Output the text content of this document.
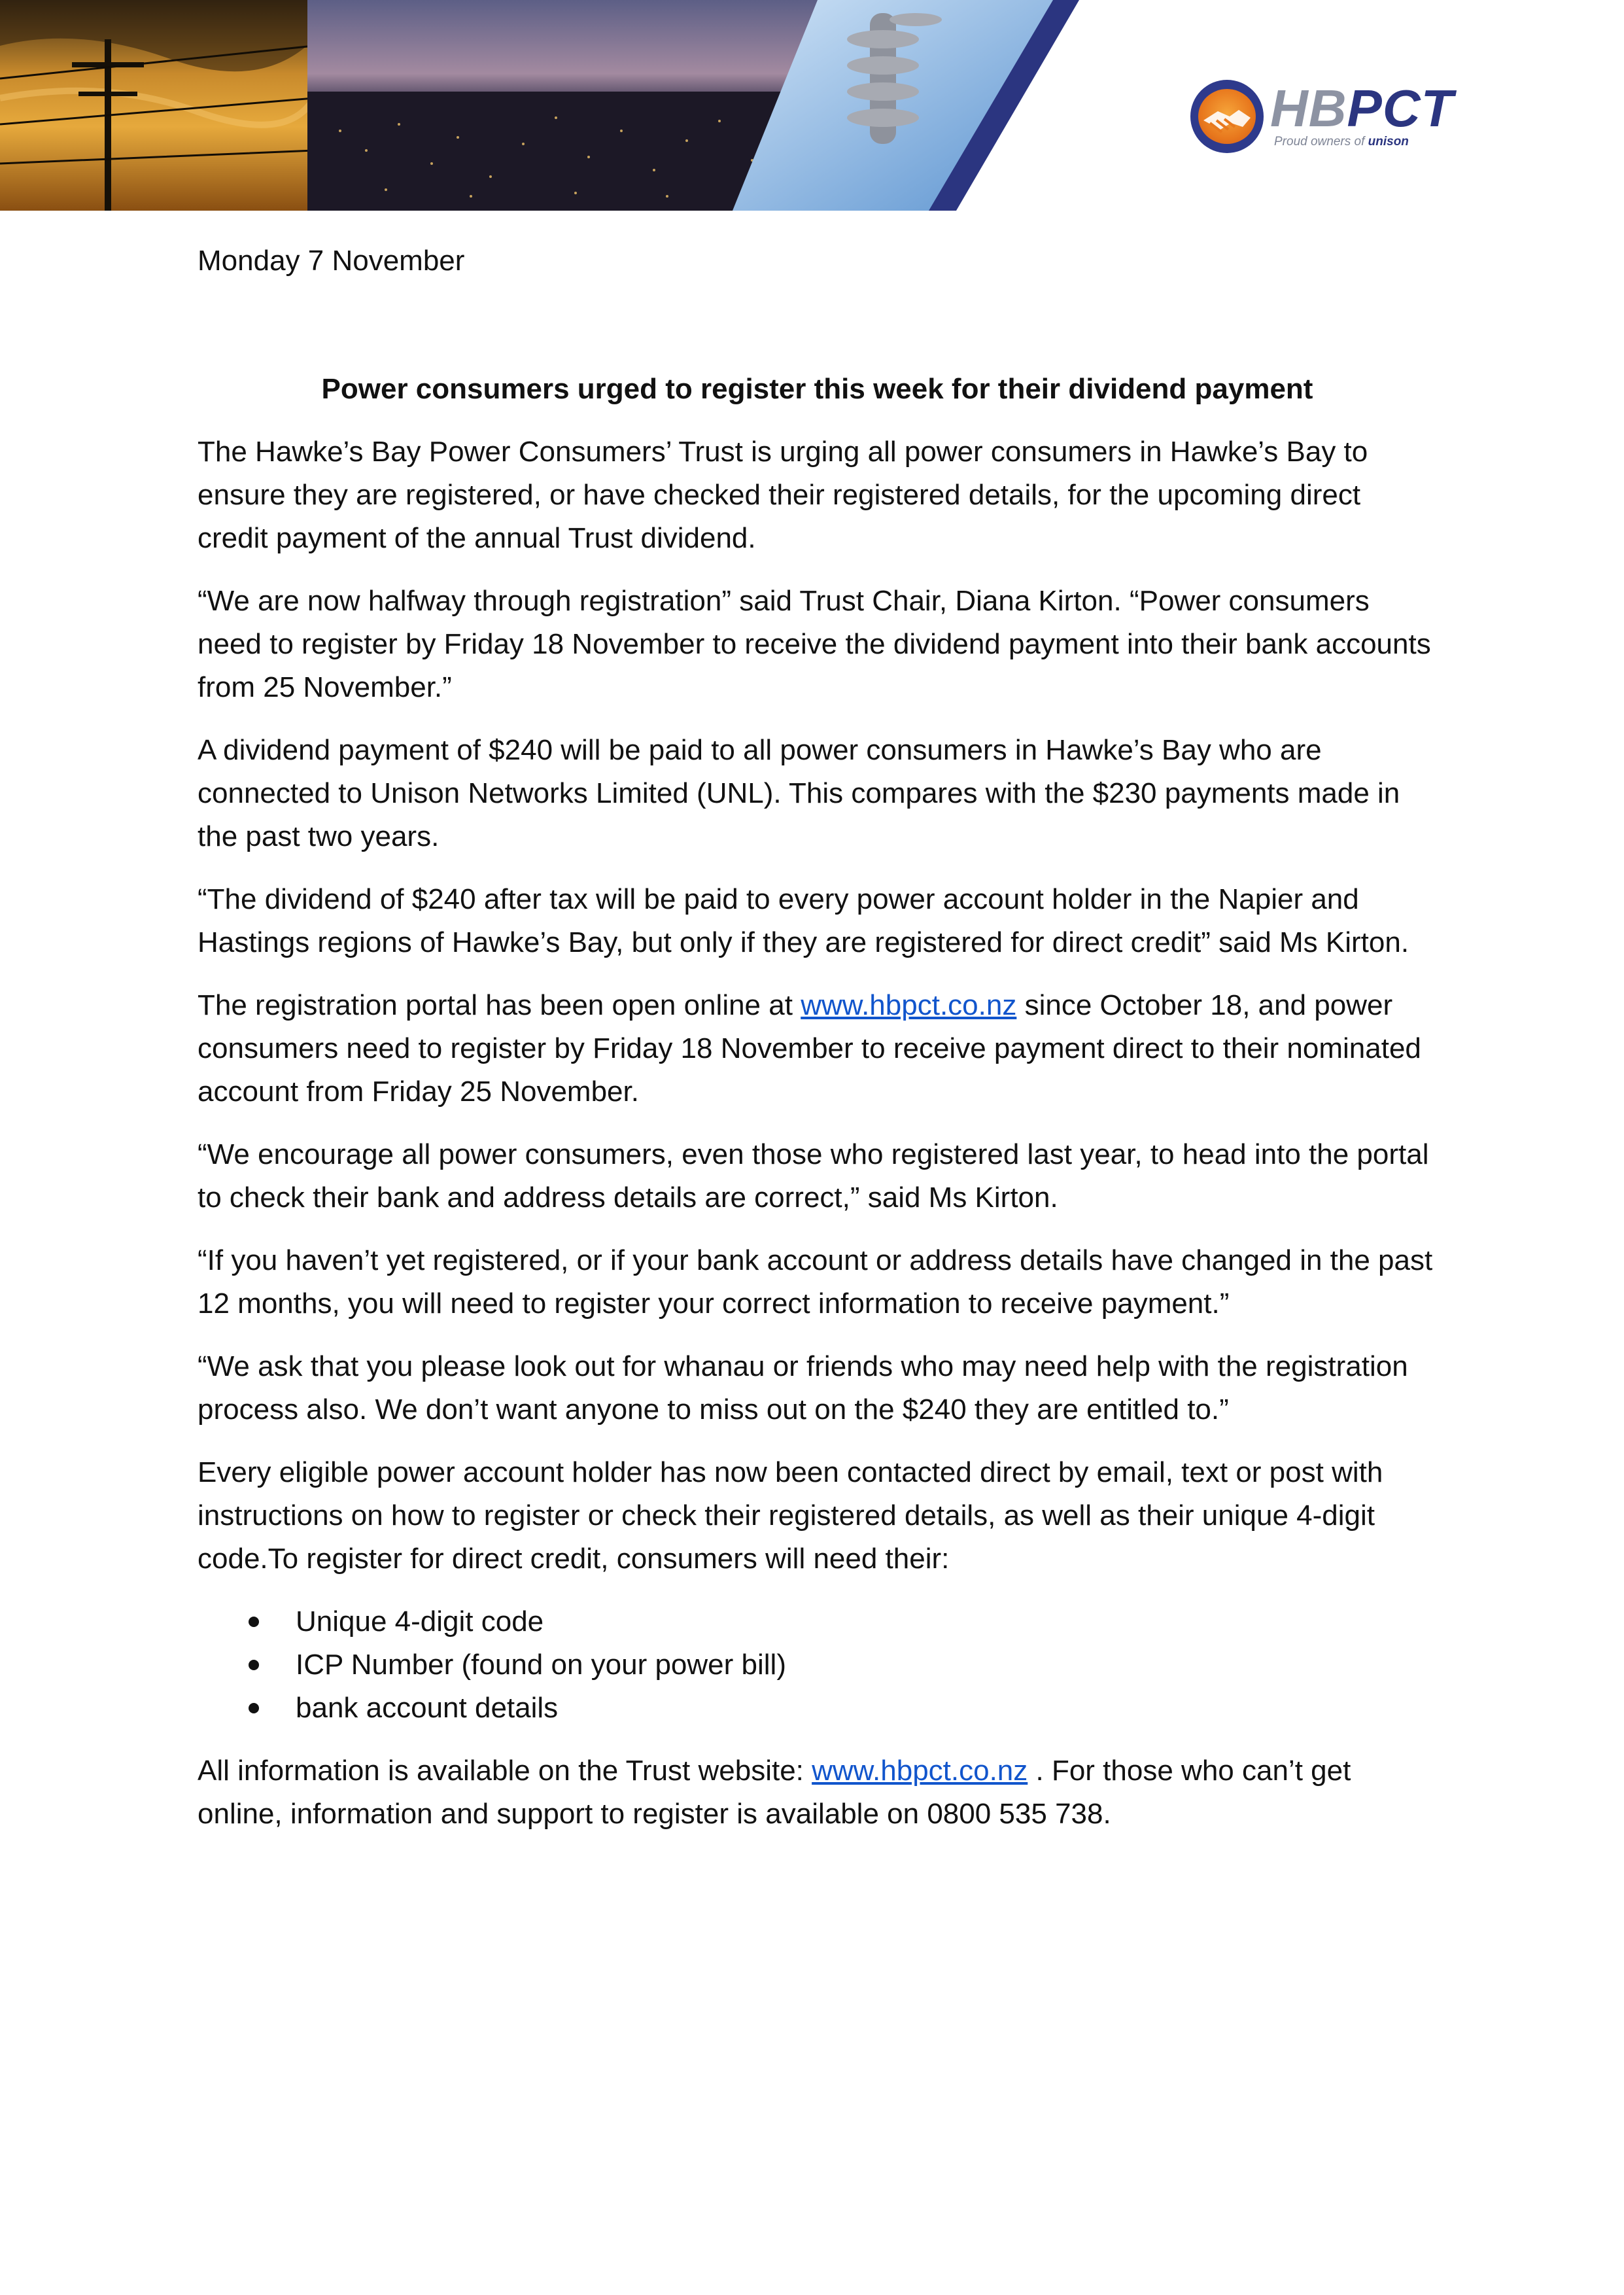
HBPCT
Proud owners of unison

Monday 7 November

Power consumers urged to register this week for their dividend payment

The Hawke’s Bay Power Consumers’ Trust is urging all power consumers in Hawke’s Bay to ensure they are registered, or have checked their registered details, for the upcoming direct credit payment of the annual Trust dividend.

“We are now halfway through registration” said Trust Chair, Diana Kirton. “Power consumers need to register by Friday 18 November to receive the dividend payment into their bank accounts from 25 November.”

A dividend payment of $240 will be paid to all power consumers in Hawke’s Bay who are connected to Unison Networks Limited (UNL). This compares with the $230 payments made in the past two years.

“The dividend of $240 after tax will be paid to every power account holder in the Napier and Hastings regions of Hawke’s Bay, but only if they are registered for direct credit” said Ms Kirton.

The registration portal has been open online at www.hbpct.co.nz since October 18, and power consumers need to register by Friday 18 November to receive payment direct to their nominated account from Friday 25 November.

“We encourage all power consumers, even those who registered last year, to head into the portal to check their bank and address details are correct,” said Ms Kirton.

“If you haven’t yet registered, or if your bank account or address details have changed in the past 12 months, you will need to register your correct information to receive payment.”

“We ask that you please look out for whanau or friends who may need help with the registration process also. We don’t want anyone to miss out on the $240 they are entitled to.”

Every eligible power account holder has now been contacted direct by email, text or post with instructions on how to register or check their registered details, as well as their unique 4-digit code.To register for direct credit, consumers will need their:

Unique 4-digit code
ICP Number (found on your power bill)
bank account details

All information is available on the Trust website: www.hbpct.co.nz . For those who can’t get online, information and support to register is available on 0800 535 738.
